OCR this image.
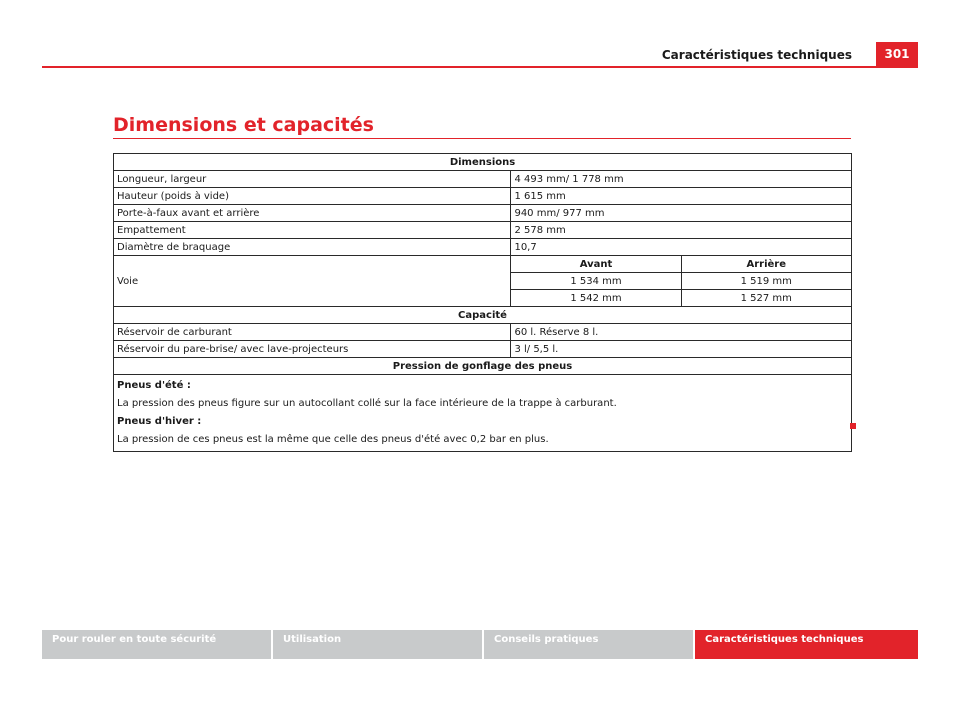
Caractéristiques techniques	301
Dimensions et capacités
Dimensions		
Longueur, largeur	4 493 mm/ 1 778 mm	
Hauteur (poids à vide)	1 615 mm	
Porte-à-faux avant et arrière	940 mm/ 977 mm	
Empattement	2 578 mm	
Diamètre de braquage	10,7	
Voie	Avant	Arrière
	1 534 mm	1 519 mm
	1 542 mm	1 527 mm
Capacité		
Réservoir de carburant	60 l. Réserve 8 l.	
Réservoir du pare-brise/ avec lave-projecteurs	3 l/ 5,5 l.	
Pression de gonflage des pneus		

Pneus d'été :
La pression des pneus figure sur un autocollant collé sur la face intérieure de la trappe à carburant.
Pneus d'hiver :
La pression de ces pneus est la même que celle des pneus d'été avec 0,2 bar en plus.		
Pour rouler en toute sécurité	Utilisation	Conseils pratiques	Caractéristiques techniques
